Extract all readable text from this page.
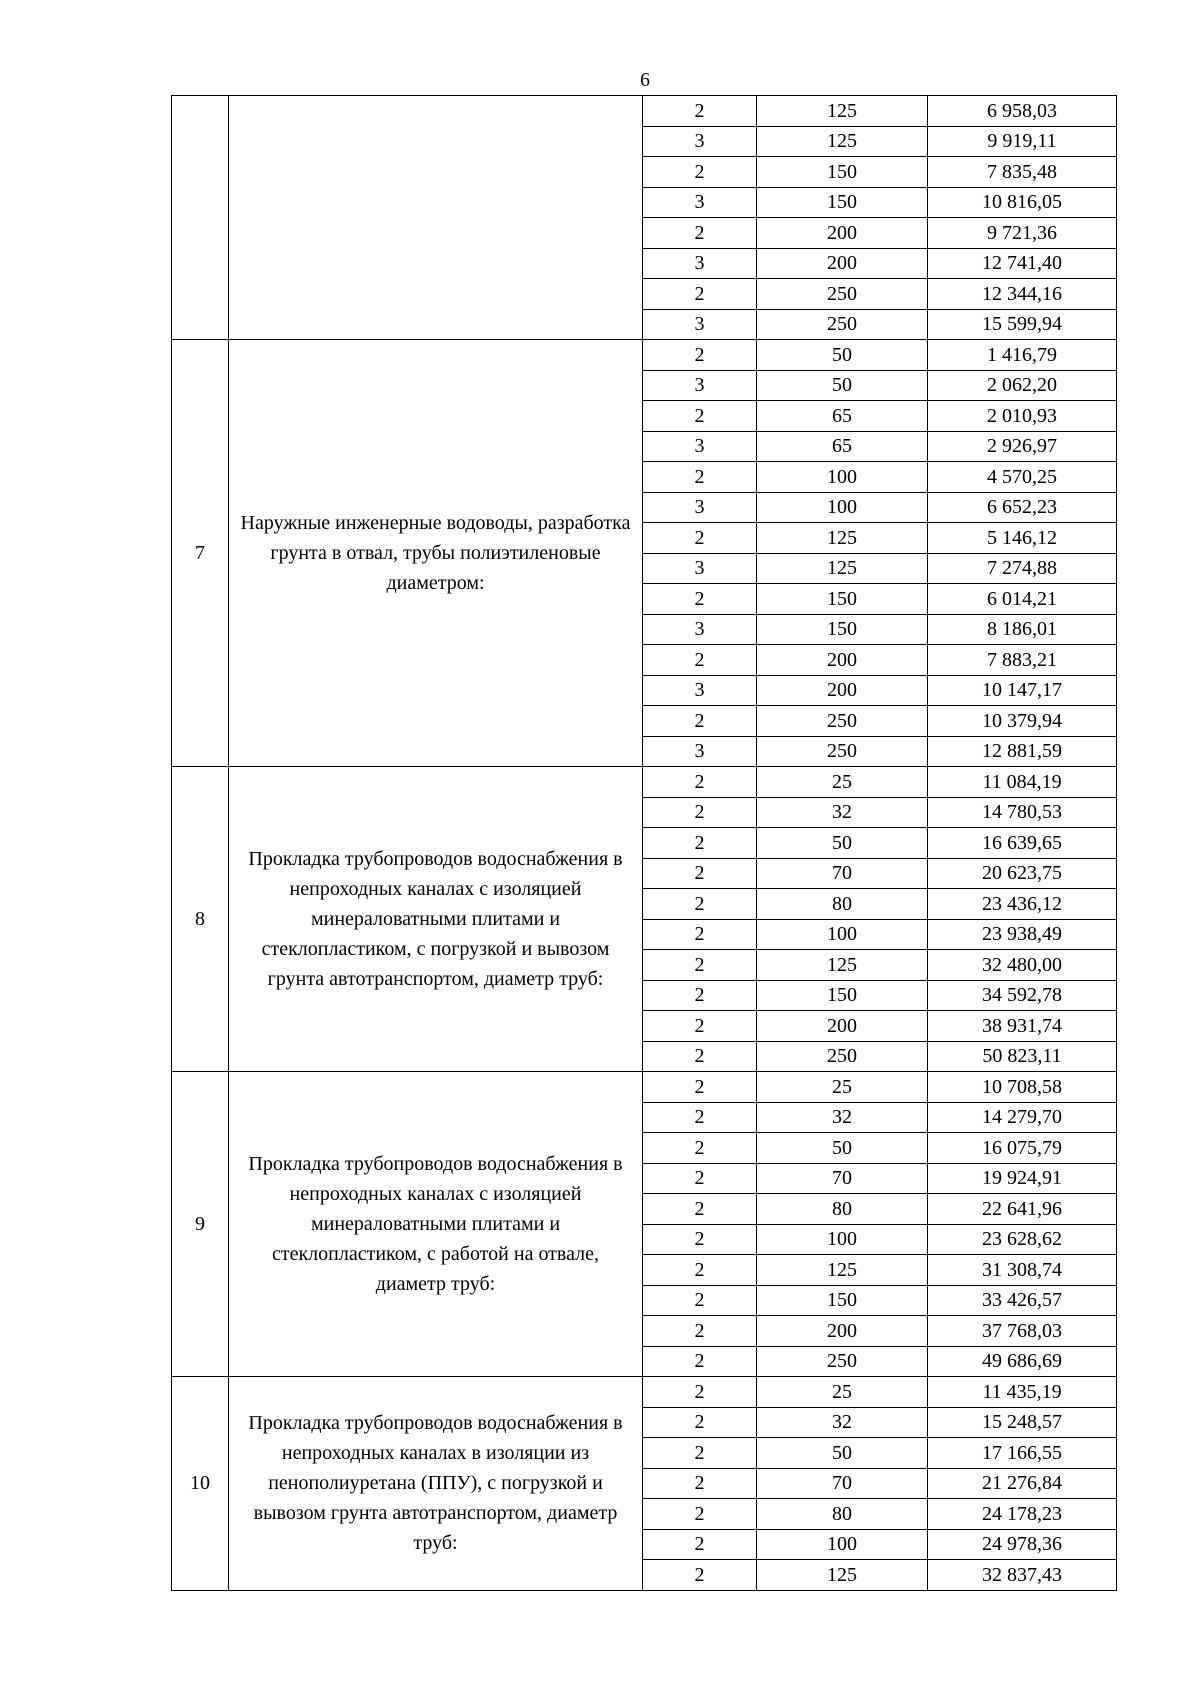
6
		2	125	6 958,03
		3	125	9 919,11
		2	150	7 835,48
		3	150	10 816,05
		2	200	9 721,36
		3	200	12 741,40
		2	250	12 344,16
		3	250	15 599,94
7	Наружные инженерные водоводы, разработка грунта в отвал, трубы полиэтиленовые диаметром:	2	50	1 416,79
		3	50	2 062,20
		2	65	2 010,93
		3	65	2 926,97
		2	100	4 570,25
		3	100	6 652,23
		2	125	5 146,12
		3	125	7 274,88
		2	150	6 014,21
		3	150	8 186,01
		2	200	7 883,21
		3	200	10 147,17
		2	250	10 379,94
		3	250	12 881,59
8	Прокладка трубопроводов водоснабжения в непроходных каналах с изоляцией минераловатными плитами и стеклопластиком, с погрузкой и вывозом грунта автотранспортом, диаметр труб:	2	25	11 084,19
		2	32	14 780,53
		2	50	16 639,65
		2	70	20 623,75
		2	80	23 436,12
		2	100	23 938,49
		2	125	32 480,00
		2	150	34 592,78
		2	200	38 931,74
		2	250	50 823,11
9	Прокладка трубопроводов водоснабжения в непроходных каналах с изоляцией минераловатными плитами и стеклопластиком, с работой на отвале, диаметр труб:	2	25	10 708,58
		2	32	14 279,70
		2	50	16 075,79
		2	70	19 924,91
		2	80	22 641,96
		2	100	23 628,62
		2	125	31 308,74
		2	150	33 426,57
		2	200	37 768,03
		2	250	49 686,69
10	Прокладка трубопроводов водоснабжения в непроходных каналах в изоляции из пенополиуретана (ППУ), с погрузкой и вывозом грунта автотранспортом, диаметр труб:	2	25	11 435,19
		2	32	15 248,57
		2	50	17 166,55
		2	70	21 276,84
		2	80	24 178,23
		2	100	24 978,36
		2	125	32 837,43
